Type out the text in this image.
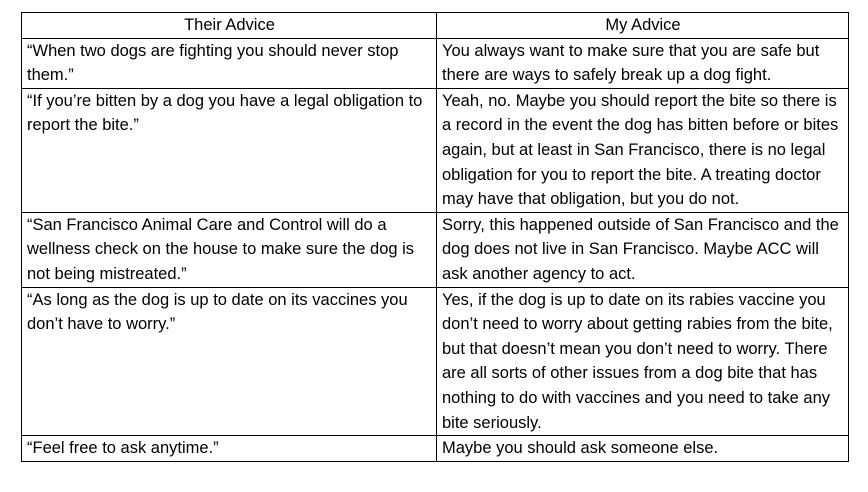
Their Advice	My Advice

“When two dogs are fighting you should never stop them.”	You always want to make sure that you are safe but there are ways to safely break up a dog fight.

“If you’re bitten by a dog you have a legal obligation to report the bite.”	Yeah, no. Maybe you should report the bite so there is a record in the event the dog has bitten before or bites again, but at least in San Francisco, there is no legal obligation for you to report the bite. A treating doctor may have that obligation, but you do not.

“San Francisco Animal Care and Control will do a wellness check on the house to make sure the dog is not being mistreated.”	Sorry, this happened outside of San Francisco and the dog does not live in San Francisco. Maybe ACC will ask another agency to act.

“As long as the dog is up to date on its vaccines you don’t have to worry.”	Yes, if the dog is up to date on its rabies vaccine you don’t need to worry about getting rabies from the bite, but that doesn’t mean you don’t need to worry. There are all sorts of other issues from a dog bite that has nothing to do with vaccines and you need to take any bite seriously.

“Feel free to ask anytime.”	Maybe you should ask someone else.
